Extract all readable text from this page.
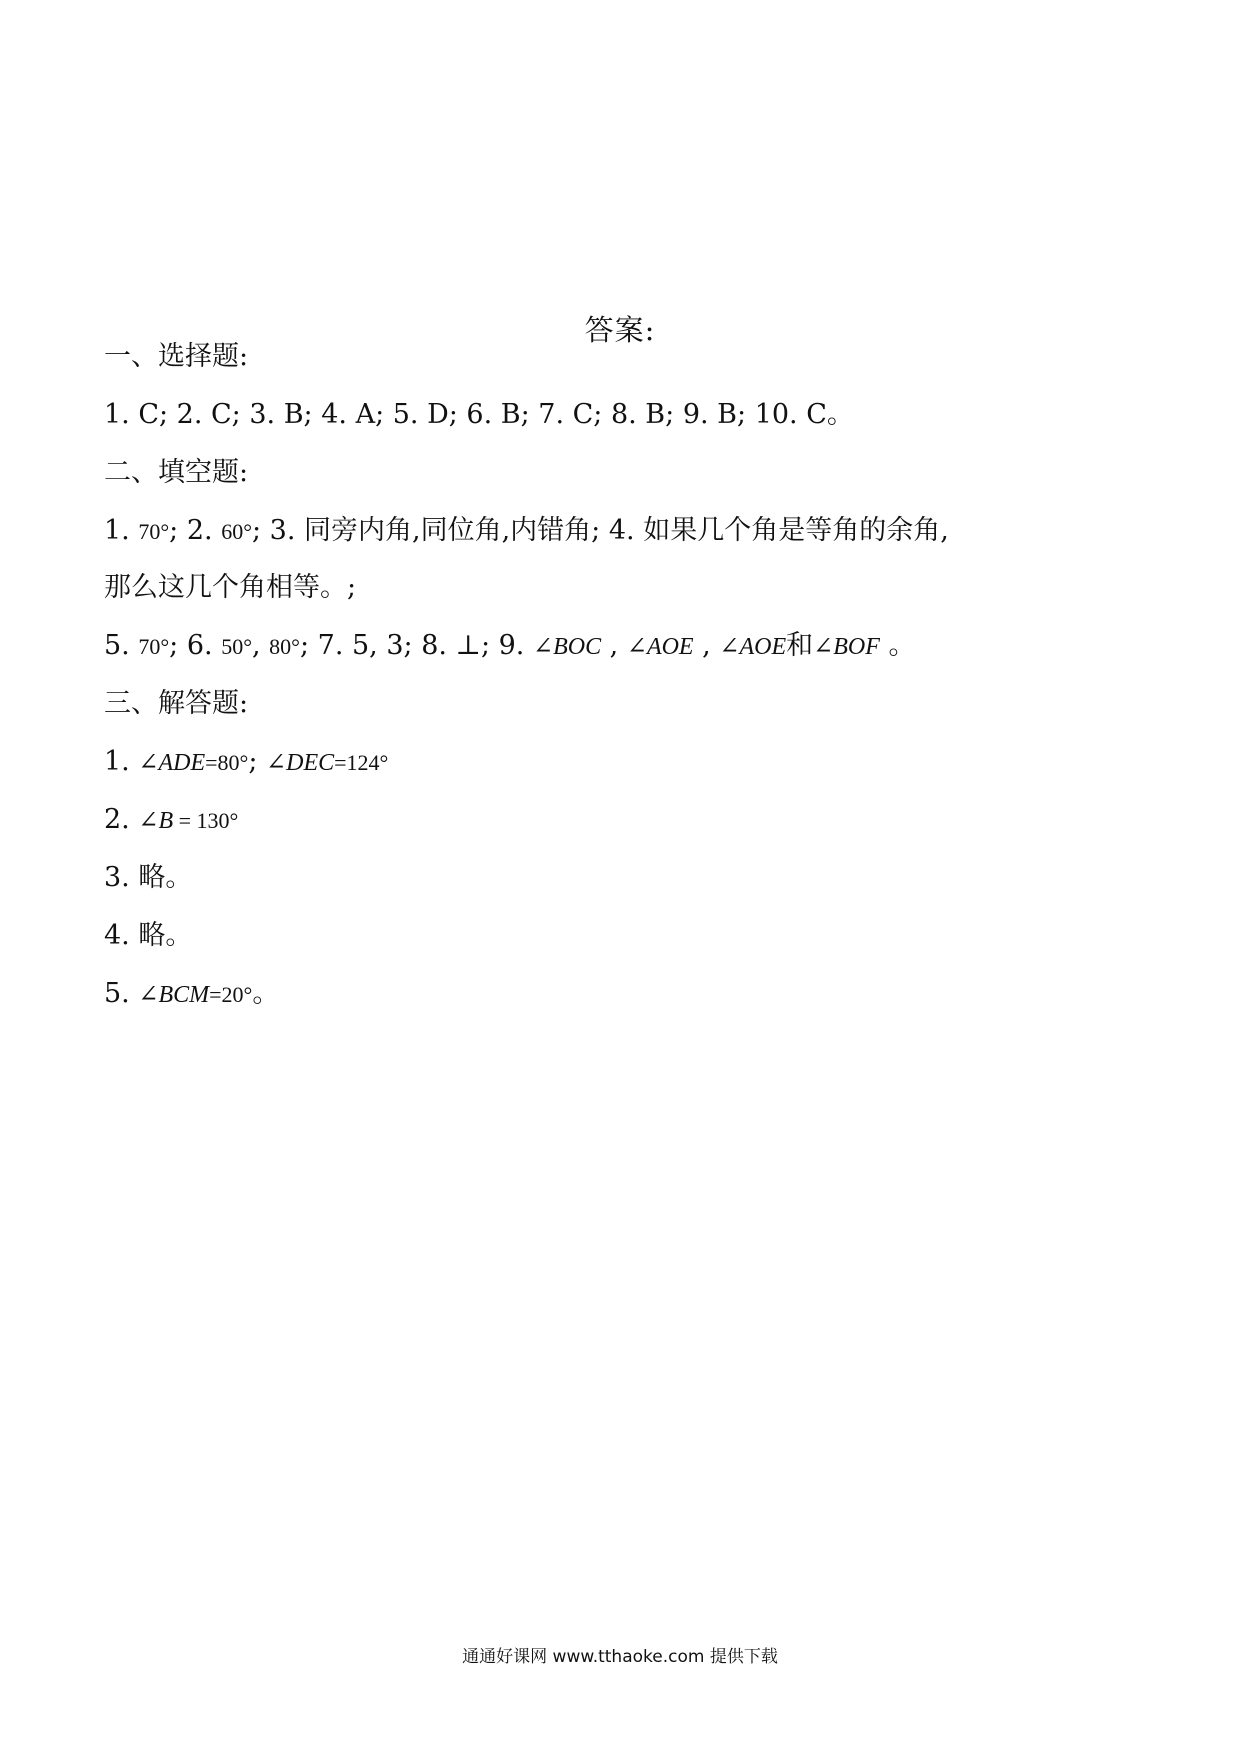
答案:
一、选择题:
1. C; 2. C; 3. B; 4. A; 5. D; 6. B; 7. C; 8. B; 9. B; 10. C。
二、填空题:
1. 70°; 2. 60°; 3. 同旁内角,同位角,内错角; 4. 如果几个角是等角的余角,
那么这几个角相等。;
5. 70°; 6. 50°, 80°; 7. 5, 3; 8. ⊥; 9. ∠BOC , ∠AOE , ∠AOE和∠BOF 。
三、解答题:
1. ∠ADE=80°; ∠DEC=124°
2. ∠B = 130°
3. 略。
4. 略。
5. ∠BCM=20°。
通通好课网 www.tthaoke.com 提供下载
